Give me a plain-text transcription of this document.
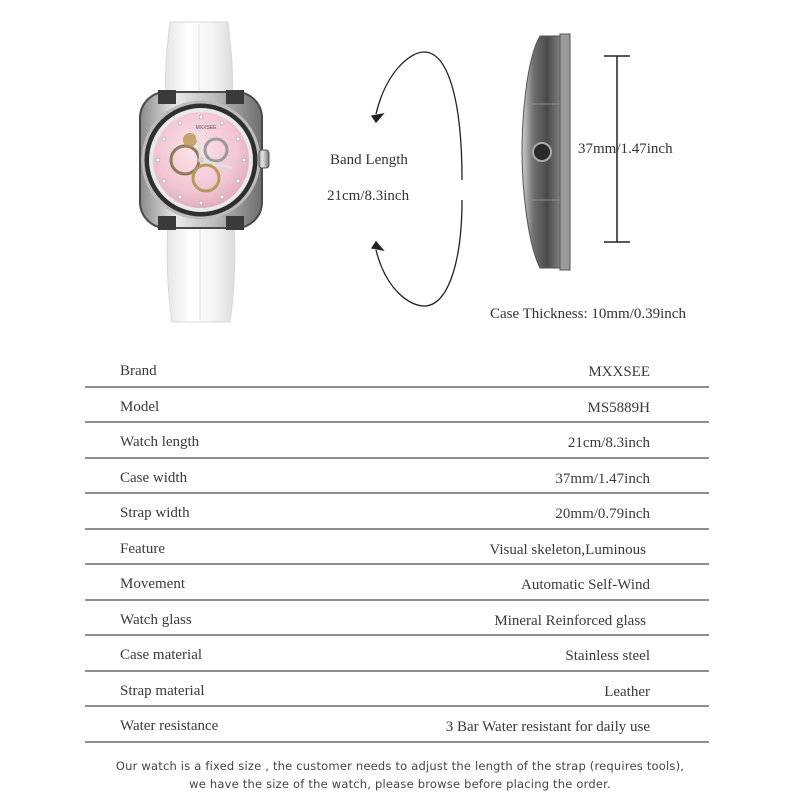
MXXSEE
Band Length
21cm/8.3inch
37mm/1.47inch
Case Thickness: 10mm/0.39inch
Brand	MXXSEE
Model	MS5889H
Watch length	21cm/8.3inch
Case width	37mm/1.47inch
Strap width	20mm/0.79inch
Feature	Visual skeleton,Luminous
Movement	Automatic Self-Wind
Watch glass	Mineral Reinforced glass
Case material	Stainless steel
Strap material	Leather
Water resistance	3 Bar Water resistant for daily use
Our watch is a fixed size , the customer needs to adjust the length of the strap (requires tools),
we have the size of the watch, please browse before placing the order.
